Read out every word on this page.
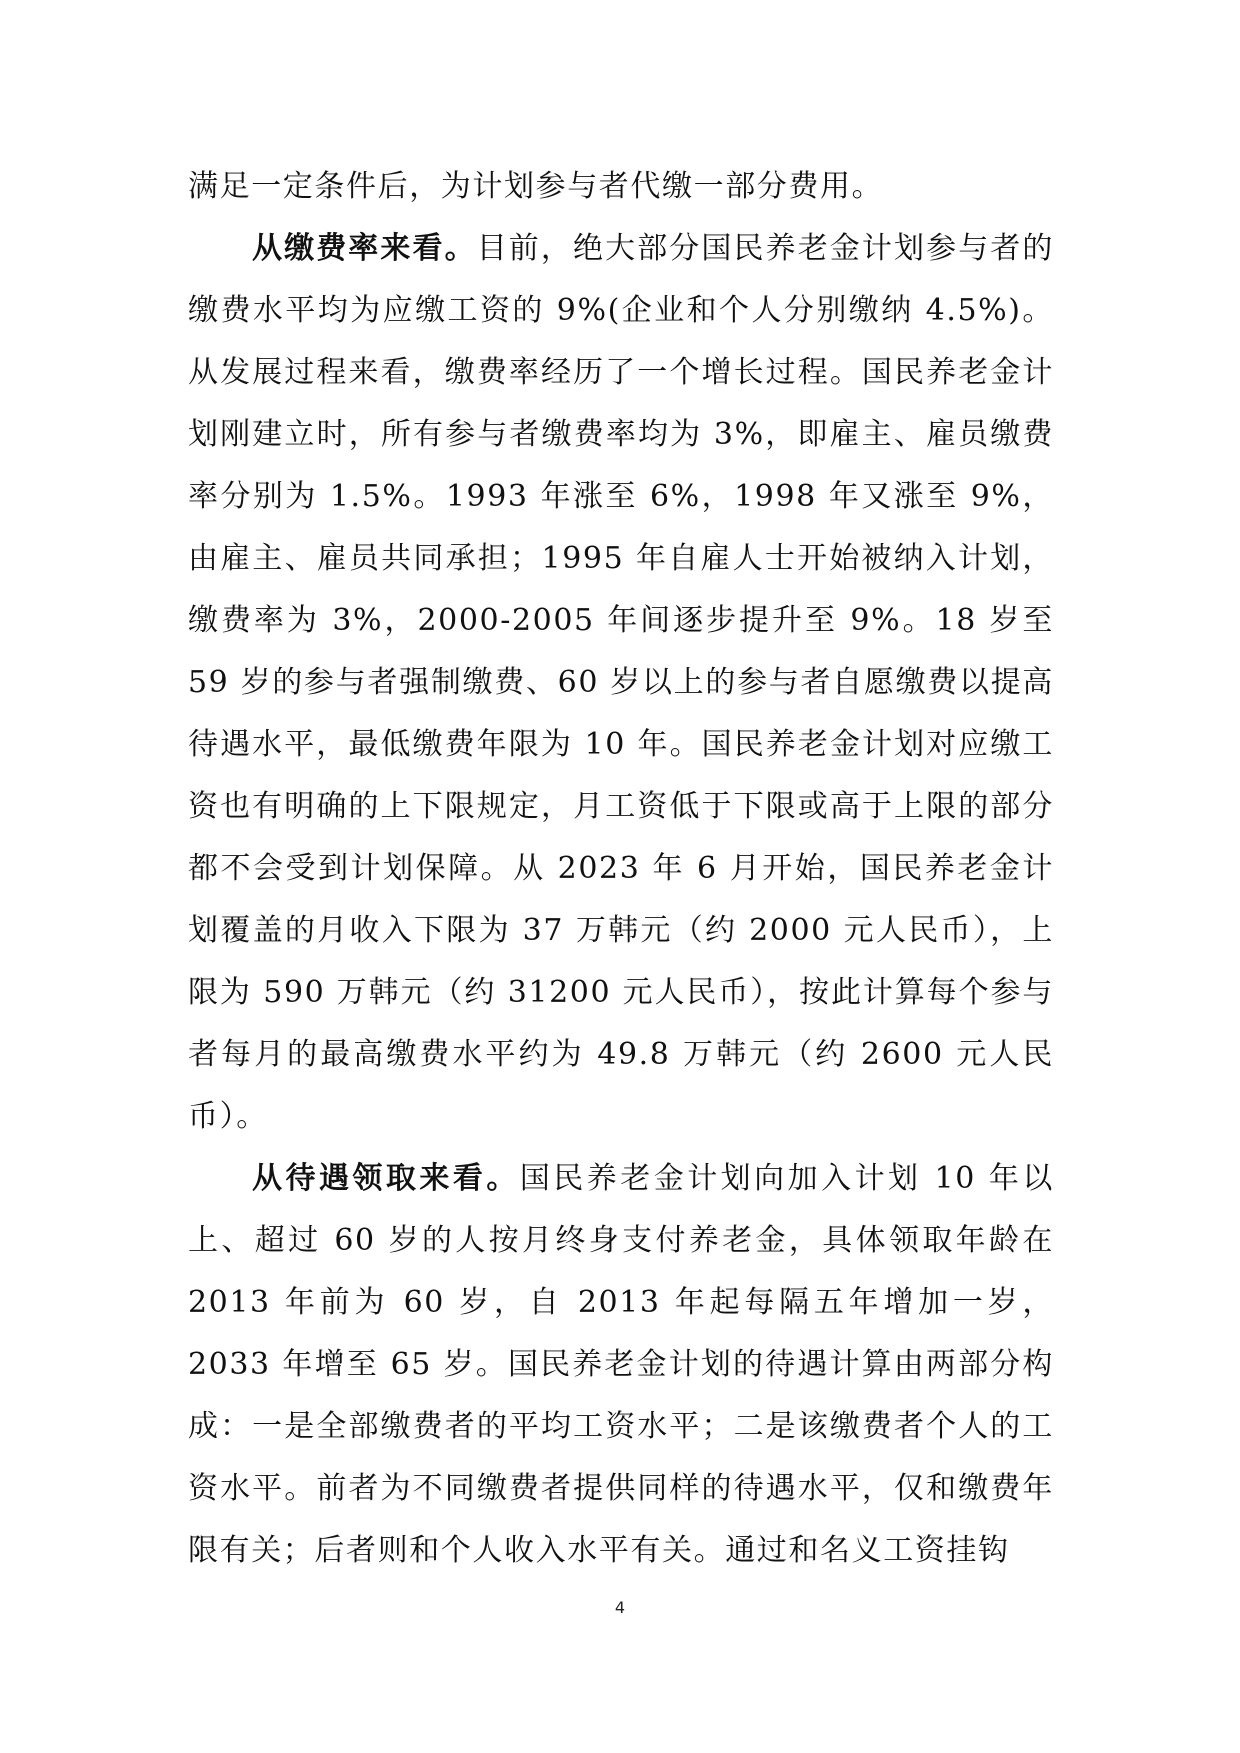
满足一定条件后，为计划参与者代缴一部分费用。

从缴费率来看。目前，绝大部分国民养老金计划参与者的缴费水平均为应缴工资的 9%(企业和个人分别缴纳 4.5%)。从发展过程来看，缴费率经历了一个增长过程。国民养老金计划刚建立时，所有参与者缴费率均为 3%，即雇主、雇员缴费率分别为 1.5%。1993 年涨至 6%，1998 年又涨至 9%，由雇主、雇员共同承担；1995 年自雇人士开始被纳入计划，缴费率为 3%，2000-2005 年间逐步提升至 9%。18 岁至 59 岁的参与者强制缴费、60 岁以上的参与者自愿缴费以提高待遇水平，最低缴费年限为 10 年。国民养老金计划对应缴工资也有明确的上下限规定，月工资低于下限或高于上限的部分都不会受到计划保障。从 2023 年 6 月开始，国民养老金计划覆盖的月收入下限为 37 万韩元（约 2000 元人民币），上限为 590 万韩元（约 31200 元人民币），按此计算每个参与者每月的最高缴费水平约为 49.8 万韩元（约 2600 元人民币）。

从待遇领取来看。国民养老金计划向加入计划 10 年以上、超过 60 岁的人按月终身支付养老金，具体领取年龄在 2013 年前为 60 岁，自 2013 年起每隔五年增加一岁，2033 年增至 65 岁。国民养老金计划的待遇计算由两部分构成：一是全部缴费者的平均工资水平；二是该缴费者个人的工资水平。前者为不同缴费者提供同样的待遇水平，仅和缴费年限有关；后者则和个人收入水平有关。通过和名义工资挂钩

4
